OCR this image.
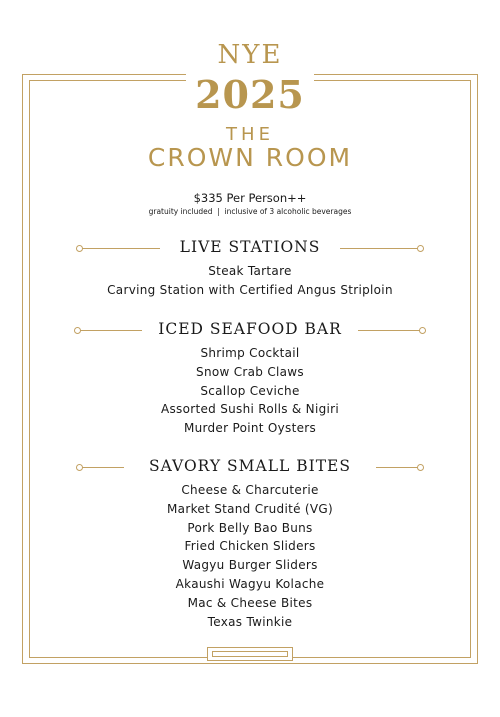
NYE
2025
THE
CROWN ROOM
$335 Per Person++
gratuity included  |  inclusive of 3 alcoholic beverages
LIVE STATIONS
Steak Tartare
Carving Station with Certified Angus Striploin
ICED SEAFOOD BAR
Shrimp Cocktail
Snow Crab Claws
Scallop Ceviche
Assorted Sushi Rolls & Nigiri
Murder Point Oysters
SAVORY SMALL BITES
Cheese & Charcuterie
Market Stand Crudité (VG)
Pork Belly Bao Buns
Fried Chicken Sliders
Wagyu Burger Sliders
Akaushi Wagyu Kolache
Mac & Cheese Bites
Texas Twinkie
